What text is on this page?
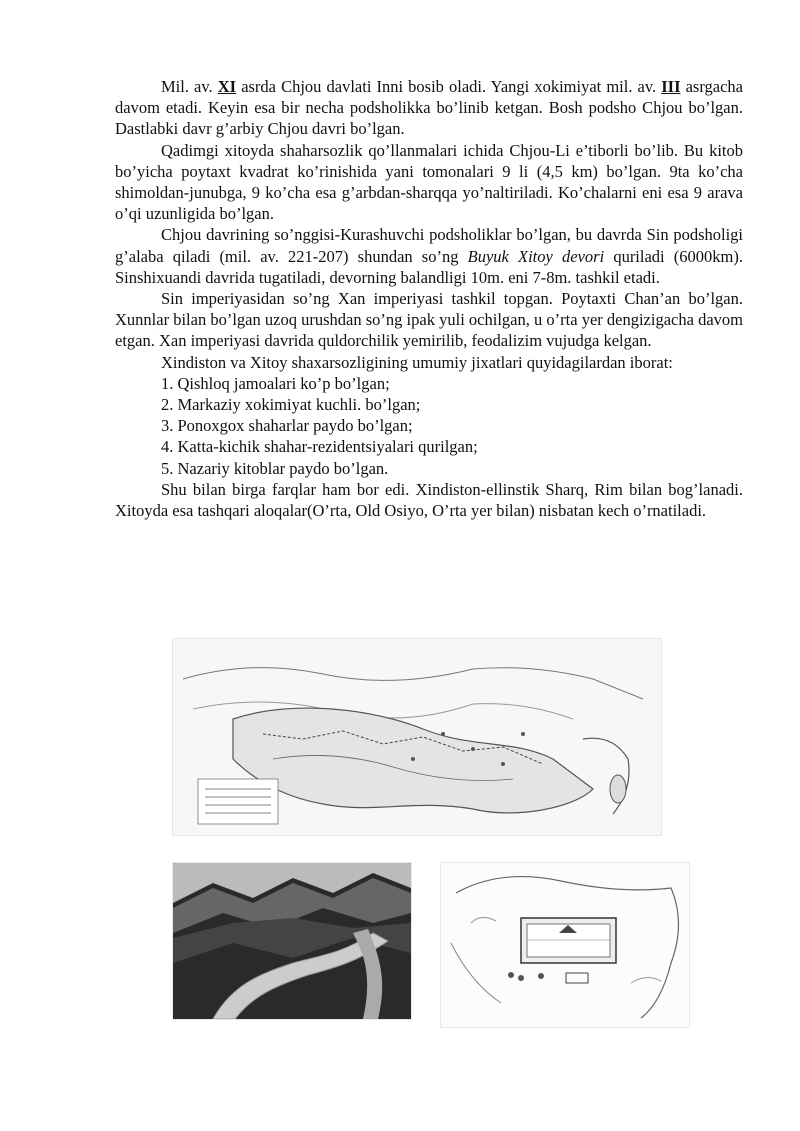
Mil. av. XI asrda Chjou davlati Inni bosib oladi. Yangi xokimiyat mil. av. III asrgacha davom etadi. Keyin esa bir necha podsholikka bo’linib ketgan. Bosh podsho Chjou bo’lgan. Dastlabki davr g’arbiy Chjou davri bo’lgan.

Qadimgi xitoyda shaharsozlik qo’llanmalari ichida Chjou-Li e’tiborli bo’lib. Bu kitob bo’yicha poytaxt kvadrat ko’rinishida yani tomonalari 9 li (4,5 km) bo’lgan. 9ta ko’cha shimoldan-junubga, 9 ko’cha esa g’arbdan-sharqqa yo’naltiriladi. Ko’chalarni eni esa 9 arava o’qi uzunligida bo’lgan.

Chjou davrining so’nggisi-Kurashuvchi podsholiklar bo’lgan, bu davrda Sin podsholigi g’alaba qiladi (mil. av. 221-207) shundan so’ng Buyuk Xitoy devori quriladi (6000km). Sinshixuandi davrida tugatiladi, devorning balandligi 10m. eni 7-8m. tashkil etadi.

Sin imperiyasidan so’ng Xan imperiyasi tashkil topgan. Poytaxti Chan’an bo’lgan. Xunnlar bilan bo’lgan uzoq urushdan so’ng ipak yuli ochilgan, u o’rta yer dengizigacha davom etgan. Xan imperiyasi davrida quldorchilik yemirilib, feodalizim vujudga kelgan.

Xindiston va Xitoy shaxarsozligining umumiy jixatlari quyidagilardan iborat:

1. Qishloq jamoalari ko’p bo’lgan;

2. Markaziy xokimiyat kuchli. bo’lgan;

3. Ponoxgox shaharlar paydo bo’lgan;

4. Katta-kichik shahar-rezidentsiyalari qurilgan;

5. Nazariy kitoblar paydo bo’lgan.

Shu bilan birga farqlar ham bor edi. Xindiston-ellinstik Sharq, Rim bilan bog’lanadi. Xitoyda esa tashqari aloqalar(O’rta, Old Osiyo, O’rta yer bilan) nisbatan kech o’rnatiladi.
